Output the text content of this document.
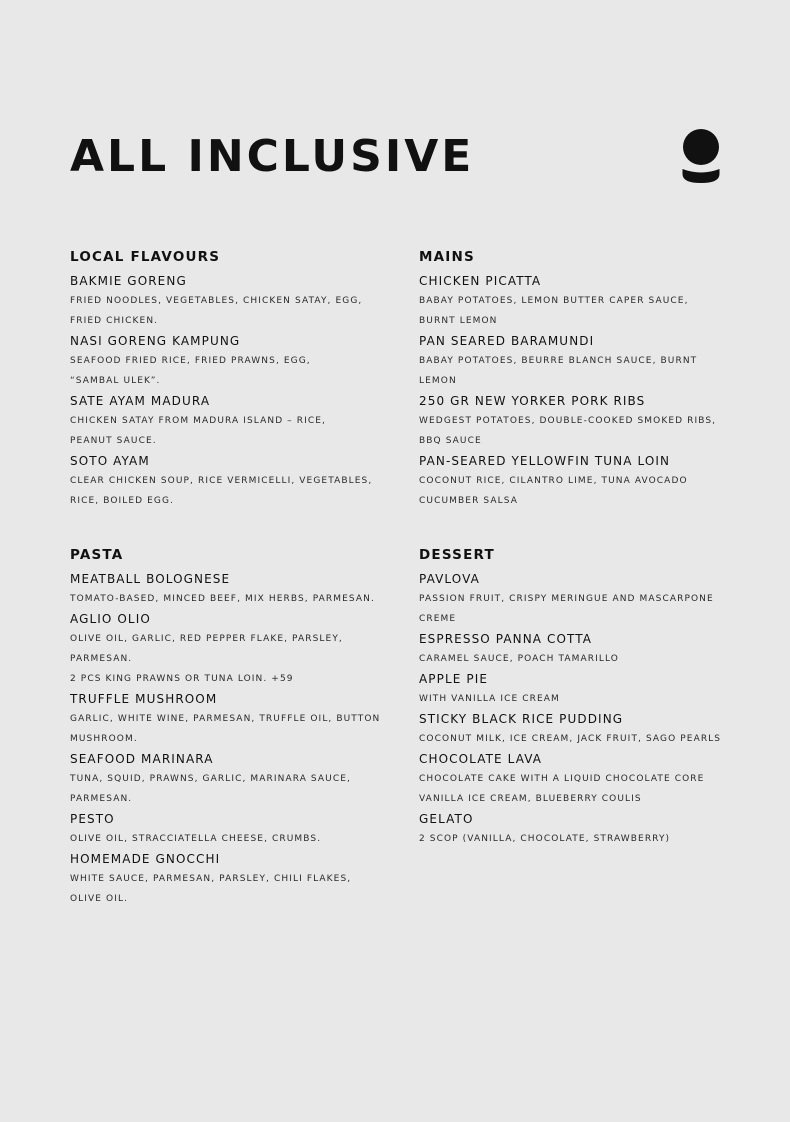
ALL INCLUSIVE
LOCAL FLAVOURS
BAKMIE GORENG
FRIED NOODLES, VEGETABLES, CHICKEN SATAY, EGG,
FRIED CHICKEN.
NASI GORENG KAMPUNG
SEAFOOD FRIED RICE, FRIED PRAWNS, EGG,
“SAMBAL ULEK”.
SATE AYAM MADURA
CHICKEN SATAY FROM MADURA ISLAND – RICE,
PEANUT SAUCE.
SOTO AYAM
CLEAR CHICKEN SOUP, RICE VERMICELLI, VEGETABLES,
RICE, BOILED EGG.
MAINS
CHICKEN PICATTA
BABAY POTATOES, LEMON BUTTER CAPER SAUCE,
BURNT LEMON
PAN SEARED BARAMUNDI
BABAY POTATOES, BEURRE BLANCH SAUCE, BURNT
LEMON
250 GR NEW YORKER PORK RIBS
WEDGEST POTATOES, DOUBLE-COOKED SMOKED RIBS,
BBQ SAUCE
PAN-SEARED YELLOWFIN TUNA LOIN
COCONUT RICE, CILANTRO LIME, TUNA AVOCADO
CUCUMBER SALSA
PASTA
MEATBALL BOLOGNESE
TOMATO-BASED, MINCED BEEF, MIX HERBS, PARMESAN.
AGLIO OLIO
OLIVE OIL, GARLIC, RED PEPPER FLAKE, PARSLEY,
PARMESAN.
2 PCS KING PRAWNS OR TUNA LOIN. +59
TRUFFLE MUSHROOM
GARLIC, WHITE WINE, PARMESAN, TRUFFLE OIL, BUTTON
MUSHROOM.
SEAFOOD MARINARA
TUNA, SQUID, PRAWNS, GARLIC, MARINARA SAUCE,
PARMESAN.
PESTO
OLIVE OIL, STRACCIATELLA CHEESE, CRUMBS.
HOMEMADE GNOCCHI
WHITE SAUCE, PARMESAN, PARSLEY, CHILI FLAKES,
OLIVE OIL.
DESSERT
PAVLOVA
PASSION FRUIT, CRISPY MERINGUE AND MASCARPONE
CREME
ESPRESSO PANNA COTTA
CARAMEL SAUCE, POACH TAMARILLO
APPLE PIE
WITH VANILLA ICE CREAM
STICKY BLACK RICE PUDDING
COCONUT MILK, ICE CREAM, JACK FRUIT, SAGO PEARLS
CHOCOLATE LAVA
CHOCOLATE CAKE WITH A LIQUID CHOCOLATE CORE
VANILLA ICE CREAM, BLUEBERRY COULIS
GELATO
2 SCOP (VANILLA, CHOCOLATE, STRAWBERRY)
